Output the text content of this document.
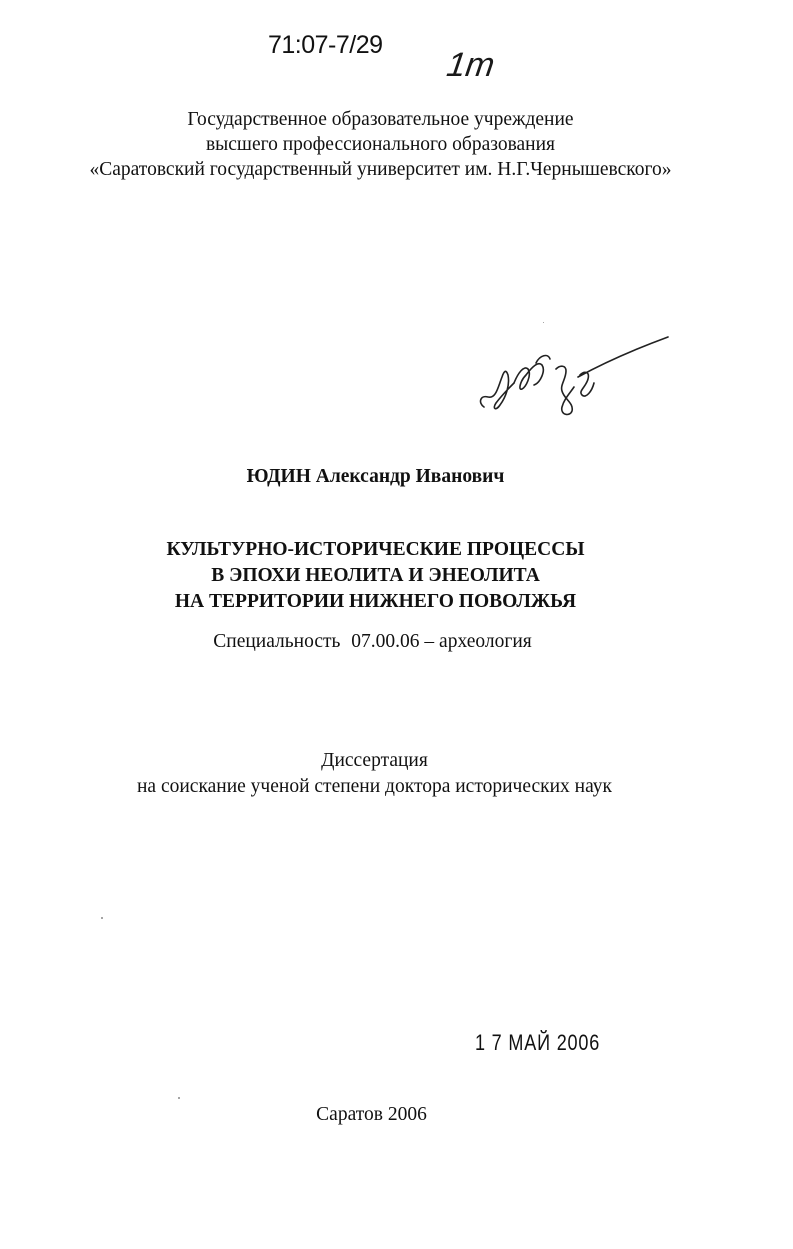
71:07-7/29
1т
Государственное образовательное учреждение
высшего профессионального образования
«Саратовский государственный университет им. Н.Г.Чернышевского»
ЮДИН Александр Иванович
КУЛЬТУРНО-ИСТОРИЧЕСКИЕ ПРОЦЕССЫ
В ЭПОХИ НЕОЛИТА И ЭНЕОЛИТА
НА ТЕРРИТОРИИ НИЖНЕГО ПОВОЛЖЬЯ
Специальность 07.00.06 – археология
Диссертация
на соискание ученой степени доктора исторических наук
1 7 МАЙ 2006
Саратов 2006
